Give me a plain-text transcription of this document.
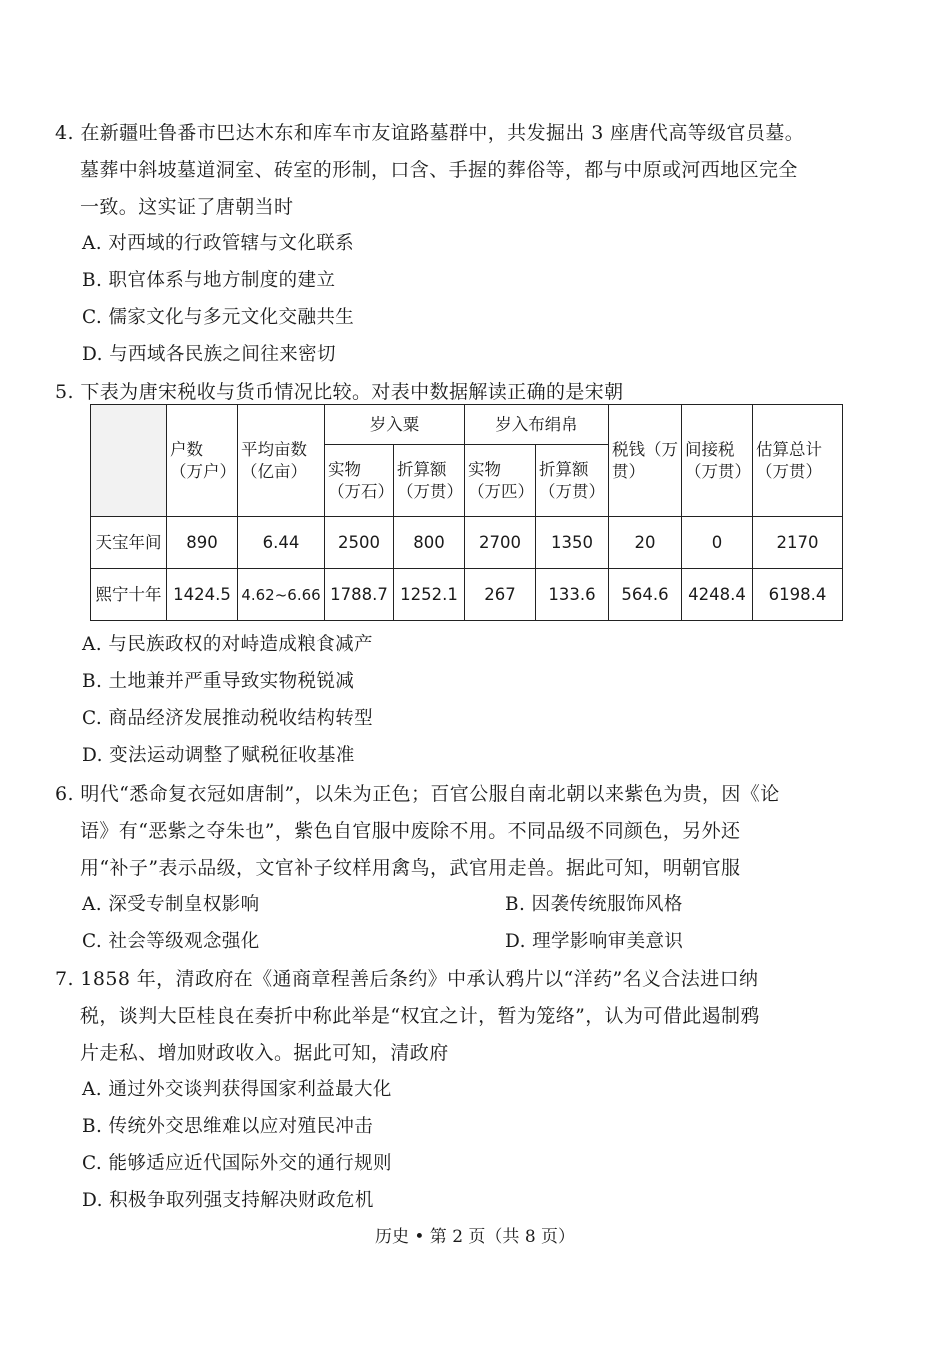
4. 在新疆吐鲁番市巴达木东和库车市友谊路墓群中，共发掘出 3 座唐代高等级官员墓。
墓葬中斜坡墓道洞室、砖室的形制，口含、手握的葬俗等，都与中原或河西地区完全
一致。这实证了唐朝当时
A. 对西域的行政管辖与文化联系
B. 职官体系与地方制度的建立
C. 儒家文化与多元文化交融共生
D. 与西域各民族之间往来密切
5. 下表为唐宋税收与货币情况比较。对表中数据解读正确的是宋朝
	户数（万户）	平均亩数（亿亩）	岁入粟		岁入布绢帛		税钱（万贯）	间接税（万贯）	估算总计（万贯）
			实物（万石）	折算额（万贯）	实物（万匹）	折算额（万贯）			
天宝年间	890	6.44	2500	800	2700	1350	20	0	2170
熙宁十年	1424.5	4.62~6.66	1788.7	1252.1	267	133.6	564.6	4248.4	6198.4
A. 与民族政权的对峙造成粮食减产
B. 土地兼并严重导致实物税锐减
C. 商品经济发展推动税收结构转型
D. 变法运动调整了赋税征收基准
6. 明代“悉命复衣冠如唐制”，以朱为正色；百官公服自南北朝以来紫色为贵，因《论
语》有“恶紫之夺朱也”，紫色自官服中废除不用。不同品级不同颜色，另外还
用“补子”表示品级，文官补子纹样用禽鸟，武官用走兽。据此可知，明朝官服
A. 深受专制皇权影响	B. 因袭传统服饰风格
C. 社会等级观念强化	D. 理学影响审美意识
7. 1858 年，清政府在《通商章程善后条约》中承认鸦片以“洋药”名义合法进口纳
税，谈判大臣桂良在奏折中称此举是“权宜之计，暂为笼络”，认为可借此遏制鸦
片走私、增加财政收入。据此可知，清政府
A. 通过外交谈判获得国家利益最大化
B. 传统外交思维难以应对殖民冲击
C. 能够适应近代国际外交的通行规则
D. 积极争取列强支持解决财政危机
历史 • 第 2 页（共 8 页）
